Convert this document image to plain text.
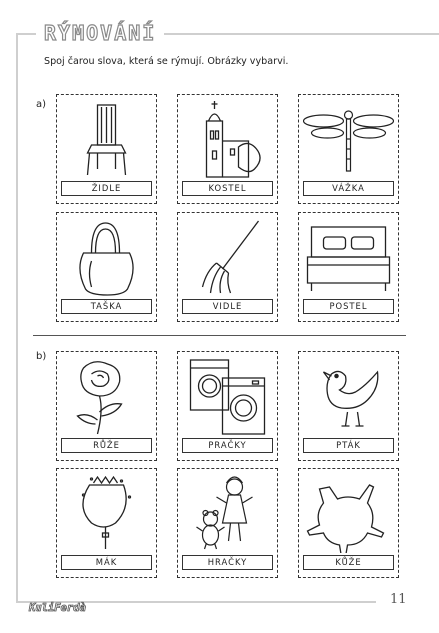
RÝMOVÁNÍ
Spoj čarou slova, která se rýmují. Obrázky vybarvi.
a)
b)
ŽIDLE	KOSTEL	VÁŽKA
TAŠKA	VIDLE	POSTEL
RŮŽE	PRAČKY	PTÁK
MÁK	HRAČKY	KŮŽE
KuliFerdà
11
